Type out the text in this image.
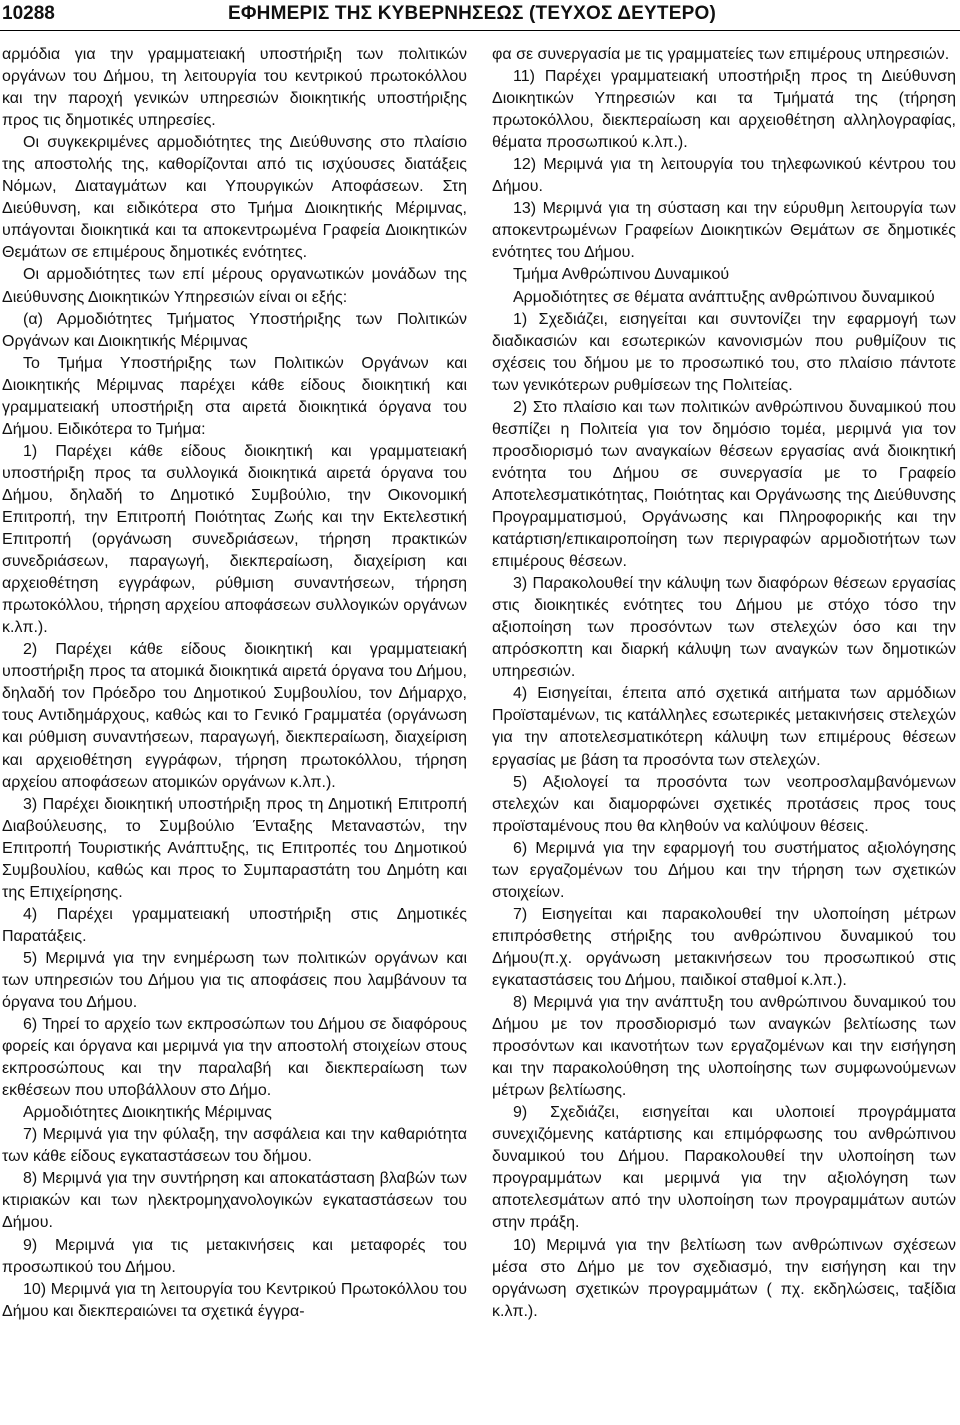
10288	ΕΦΗΜΕΡΙΣ ΤΗΣ ΚΥΒΕΡΝΗΣΕΩΣ (ΤΕΥΧΟΣ ΔΕΥΤΕΡΟ)

αρμόδια για την γραμματειακή υποστήριξη των πολιτικών οργάνων του Δήμου, τη λειτουργία του κεντρικού πρωτοκόλλου και την παροχή γενικών υπηρεσιών διοικητικής υποστήριξης προς τις δημοτικές υπηρεσίες.

Οι συγκεκριμένες αρμοδιότητες της Διεύθυνσης στο πλαίσιο της αποστολής της, καθορίζονται από τις ισχύουσες διατάξεις Νόμων, Διαταγμάτων και Υπουργικών Αποφάσεων. Στη Διεύθυνση, και ειδικότερα στο Τμήμα Διοικητικής Μέριμνας, υπάγονται διοικητικά και τα αποκεντρωμένα Γραφεία Διοικητικών Θεμάτων σε επιμέρους δημοτικές ενότητες.

Οι αρμοδιότητες των επί μέρους οργανωτικών μονάδων της Διεύθυνσης Διοικητικών Υπηρεσιών είναι οι εξής:

(α) Αρμοδιότητες Τμήματος Υποστήριξης των Πολιτικών Οργάνων και Διοικητικής Μέριμνας

Το Τμήμα Υποστήριξης των Πολιτικών Οργάνων και Διοικητικής Μέριμνας παρέχει κάθε είδους διοικητική και γραμματειακή υποστήριξη στα αιρετά διοικητικά όργανα του Δήμου. Ειδικότερα το Τμήμα:

1) Παρέχει κάθε είδους διοικητική και γραμματειακή υποστήριξη προς τα συλλογικά διοικητικά αιρετά όργανα του Δήμου, δηλαδή το Δημοτικό Συμβούλιο, την Οικονομική Επιτροπή, την Επιτροπή Ποιότητας Ζωής και την Εκτελεστική Επιτροπή (οργάνωση συνεδριάσεων, τήρηση πρακτικών συνεδριάσεων, παραγωγή, διεκπεραίωση, διαχείριση και αρχειοθέτηση εγγράφων, ρύθμιση συναντήσεων, τήρηση πρωτοκόλλου, τήρηση αρχείου αποφάσεων συλλογικών οργάνων κ.λπ.).

2) Παρέχει κάθε είδους διοικητική και γραμματειακή υποστήριξη προς τα ατομικά διοικητικά αιρετά όργανα του Δήμου, δηλαδή τον Πρόεδρο του Δημοτικού Συμβουλίου, τον Δήμαρχο, τους Αντιδημάρχους, καθώς και το Γενικό Γραμματέα (οργάνωση και ρύθμιση συναντήσεων, παραγωγή, διεκπεραίωση, διαχείριση και αρχειοθέτηση εγγράφων, τήρηση πρωτοκόλλου, τήρηση αρχείου αποφάσεων ατομικών οργάνων κ.λπ.).

3) Παρέχει διοικητική υποστήριξη προς τη Δημοτική Επιτροπή Διαβούλευσης, το Συμβούλιο Ένταξης Μεταναστών, την Επιτροπή Τουριστικής Ανάπτυξης, τις Επιτροπές του Δημοτικού Συμβουλίου, καθώς και προς το Συμπαραστάτη του Δημότη και της Επιχείρησης.

4) Παρέχει γραμματειακή υποστήριξη στις Δημοτικές Παρατάξεις.

5) Μεριμνά για την ενημέρωση των πολιτικών οργάνων και των υπηρεσιών του Δήμου για τις αποφάσεις που λαμβάνουν τα όργανα του Δήμου.

6) Τηρεί το αρχείο των εκπροσώπων του Δήμου σε διαφόρους φορείς και όργανα και μεριμνά για την αποστολή στοιχείων στους εκπροσώπους και την παραλαβή και διεκπεραίωση των εκθέσεων που υποβάλλουν στο Δήμο.

Αρμοδιότητες Διοικητικής Μέριμνας

7) Μεριμνά για την φύλαξη, την ασφάλεια και την καθαριότητα των κάθε είδους εγκαταστάσεων του δήμου.

8) Μεριμνά για την συντήρηση και αποκατάσταση βλαβών των κτιριακών και των ηλεκτρομηχανολογικών εγκαταστάσεων του Δήμου.

9) Μεριμνά για τις μετακινήσεις και μεταφορές του προσωπικού του Δήμου.

10) Μεριμνά για τη λειτουργία του Κεντρικού Πρωτοκόλλου του Δήμου και διεκπεραιώνει τα σχετικά έγγρα-

φα σε συνεργασία με τις γραμματείες των επιμέρους υπηρεσιών.

11) Παρέχει γραμματειακή υποστήριξη προς τη Διεύθυνση Διοικητικών Υπηρεσιών και τα Τμήματά της (τήρηση πρωτοκόλλου, διεκπεραίωση και αρχειοθέτηση αλληλογραφίας, θέματα προσωπικού κ.λπ.).

12) Μεριμνά για τη λειτουργία του τηλεφωνικού κέντρου του Δήμου.

13) Μεριμνά για τη σύσταση και την εύρυθμη λειτουργία των αποκεντρωμένων Γραφείων Διοικητικών Θεμάτων σε δημοτικές ενότητες του Δήμου.

Τμήμα Ανθρώπινου Δυναμικού

Αρμοδιότητες σε θέματα ανάπτυξης ανθρώπινου δυναμικού

1) Σχεδιάζει, εισηγείται και συντονίζει την εφαρμογή των διαδικασιών και εσωτερικών κανονισμών που ρυθμίζουν τις σχέσεις του δήμου με το προσωπικό του, στο πλαίσιο πάντοτε των γενικότερων ρυθμίσεων της Πολιτείας.

2) Στο πλαίσιο και των πολιτικών ανθρώπινου δυναμικού που θεσπίζει η Πολιτεία για τον δημόσιο τομέα, μεριμνά για τον προσδιορισμό των αναγκαίων θέσεων εργασίας ανά διοικητική ενότητα του Δήμου σε συνεργασία με το Γραφείο Αποτελεσματικότητας, Ποιότητας και Οργάνωσης της Διεύθυνσης Προγραμματισμού, Οργάνωσης και Πληροφορικής και την κατάρτιση/επικαιροποίηση των περιγραφών αρμοδιοτήτων των επιμέρους θέσεων.

3) Παρακολουθεί την κάλυψη των διαφόρων θέσεων εργασίας στις διοικητικές ενότητες του Δήμου με στόχο τόσο την αξιοποίηση των προσόντων των στελεχών όσο και την απρόσκοπτη και διαρκή κάλυψη των αναγκών των δημοτικών υπηρεσιών.

4) Εισηγείται, έπειτα από σχετικά αιτήματα των αρμόδιων Προϊσταμένων, τις κατάλληλες εσωτερικές μετακινήσεις στελεχών για την αποτελεσματικότερη κάλυψη των επιμέρους θέσεων εργασίας με βάση τα προσόντα των στελεχών.

5) Αξιολογεί τα προσόντα των νεοπροσλαμβανόμενων στελεχών και διαμορφώνει σχετικές προτάσεις προς τους προϊσταμένους που θα κληθούν να καλύψουν θέσεις.

6) Μεριμνά για την εφαρμογή του συστήματος αξιολόγησης των εργαζομένων του Δήμου και την τήρηση των σχετικών στοιχείων.

7) Εισηγείται και παρακολουθεί την υλοποίηση μέτρων επιπρόσθετης στήριξης του ανθρώπινου δυναμικού του Δήμου(π.χ. οργάνωση μετακινήσεων του προσωπικού στις εγκαταστάσεις του Δήμου, παιδικοί σταθμοί κ.λπ.).

8) Μεριμνά για την ανάπτυξη του ανθρώπινου δυναμικού του Δήμου με τον προσδιορισμό των αναγκών βελτίωσης των προσόντων και ικανοτήτων των εργαζομένων και την εισήγηση και την παρακολούθηση της υλοποίησης των συμφωνούμενων μέτρων βελτίωσης.

9) Σχεδιάζει, εισηγείται και υλοποιεί προγράμματα συνεχιζόμενης κατάρτισης και επιμόρφωσης του ανθρώπινου δυναμικού του Δήμου. Παρακολουθεί την υλοποίηση των προγραμμάτων και μεριμνά για την αξιολόγηση των αποτελεσμάτων από την υλοποίηση των προγραμμάτων αυτών στην πράξη.

10) Μεριμνά για την βελτίωση των ανθρώπινων σχέσεων μέσα στο Δήμο με τον σχεδιασμό, την εισήγηση και την οργάνωση σχετικών προγραμμάτων ( πχ. εκδηλώσεις, ταξίδια κ.λπ.).
